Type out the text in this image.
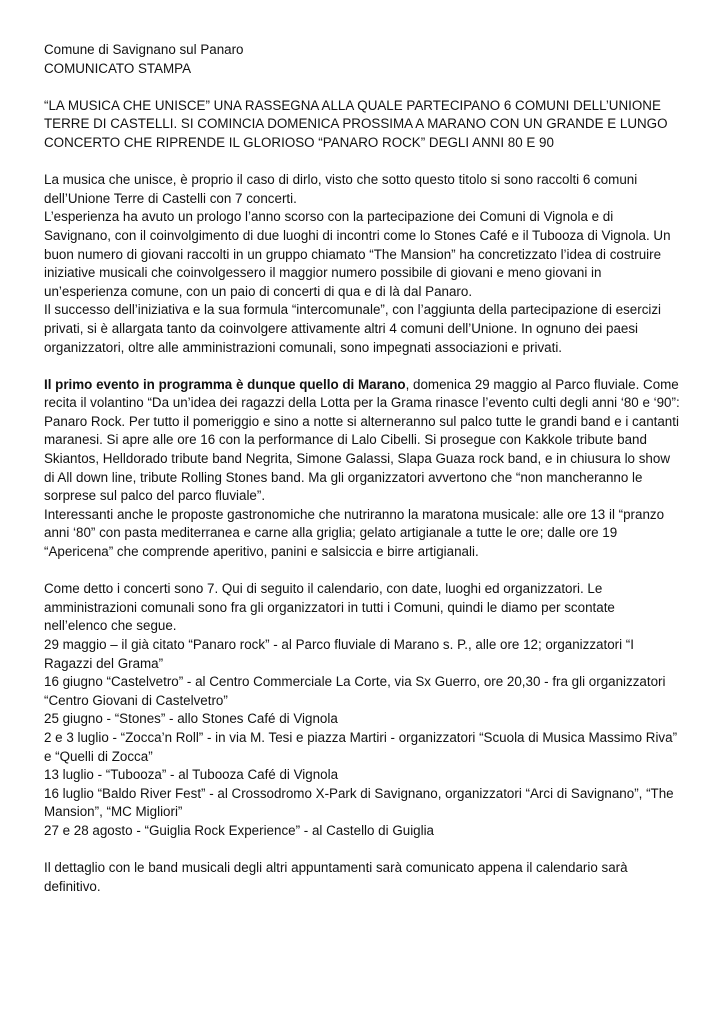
Comune di Savignano sul Panaro
COMUNICATO STAMPA
“LA MUSICA CHE UNISCE” UNA RASSEGNA ALLA QUALE PARTECIPANO 6 COMUNI DELL’UNIONE
TERRE DI CASTELLI. SI COMINCIA DOMENICA PROSSIMA A MARANO CON UN GRANDE E LUNGO
CONCERTO CHE RIPRENDE IL GLORIOSO “PANARO ROCK” DEGLI ANNI 80 E 90
La musica che unisce, è proprio il caso di dirlo, visto che sotto questo titolo si sono raccolti 6 comuni
dell’Unione Terre di Castelli con 7 concerti.
L’esperienza ha avuto un prologo l’anno scorso con la partecipazione dei Comuni di Vignola e di
Savignano, con il coinvolgimento di due luoghi di incontri come lo Stones Café e il Tubooza di Vignola. Un
buon numero di giovani raccolti in un gruppo chiamato “The Mansion” ha concretizzato l’idea di costruire
iniziative musicali che coinvolgessero il maggior numero possibile di giovani e meno giovani in
un’esperienza comune, con un paio di concerti di qua e di là dal Panaro.
Il successo dell’iniziativa e la sua formula “intercomunale”, con l’aggiunta della partecipazione di esercizi
privati, si è allargata tanto da coinvolgere attivamente altri 4 comuni dell’Unione. In ognuno dei paesi
organizzatori, oltre alle amministrazioni comunali, sono impegnati associazioni e privati.
Il primo evento in programma è dunque quello di Marano, domenica 29 maggio al Parco fluviale. Come
recita il volantino “Da un’idea dei ragazzi della Lotta per la Grama rinasce l’evento culti degli anni ‘80 e ‘90”:
Panaro Rock. Per tutto il pomeriggio e sino a notte si alterneranno sul palco tutte le grandi band e i cantanti
maranesi. Si apre alle ore 16 con la performance di Lalo Cibelli. Si prosegue con Kakkole tribute band
Skiantos, Helldorado tribute band Negrita, Simone Galassi, Slapa Guaza rock band, e in chiusura lo show
di All down line, tribute Rolling Stones band. Ma gli organizzatori avvertono che “non mancheranno le
sorprese sul palco del parco fluviale”.
Interessanti anche le proposte gastronomiche che nutriranno la maratona musicale: alle ore 13 il “pranzo
anni ‘80” con pasta mediterranea e carne alla griglia; gelato artigianale a tutte le ore; dalle ore 19
“Apericena” che comprende aperitivo, panini e salsiccia e birre artigianali.
Come detto i concerti sono 7. Qui di seguito il calendario, con date, luoghi ed organizzatori. Le
amministrazioni comunali sono fra gli organizzatori in tutti i Comuni, quindi le diamo per scontate
nell’elenco che segue.
29 maggio – il già citato “Panaro rock” - al Parco fluviale di Marano s. P., alle ore 12; organizzatori “I
Ragazzi del Grama”
16 giugno “Castelvetro” - al Centro Commerciale La Corte, via Sx Guerro, ore 20,30 - fra gli organizzatori
“Centro Giovani di Castelvetro”
25 giugno - “Stones” - allo Stones Café di Vignola
2 e 3 luglio - “Zocca’n Roll” - in via M. Tesi e piazza Martiri - organizzatori “Scuola di Musica Massimo Riva”
e “Quelli di Zocca”
13 luglio - “Tubooza” - al Tubooza Café di Vignola
16 luglio “Baldo River Fest” - al Crossodromo X-Park di Savignano, organizzatori “Arci di Savignano”, “The
Mansion”, “MC Migliori”
27 e 28 agosto - “Guiglia Rock Experience” - al Castello di Guiglia
Il dettaglio con le band musicali degli altri appuntamenti sarà comunicato appena il calendario sarà
definitivo.
